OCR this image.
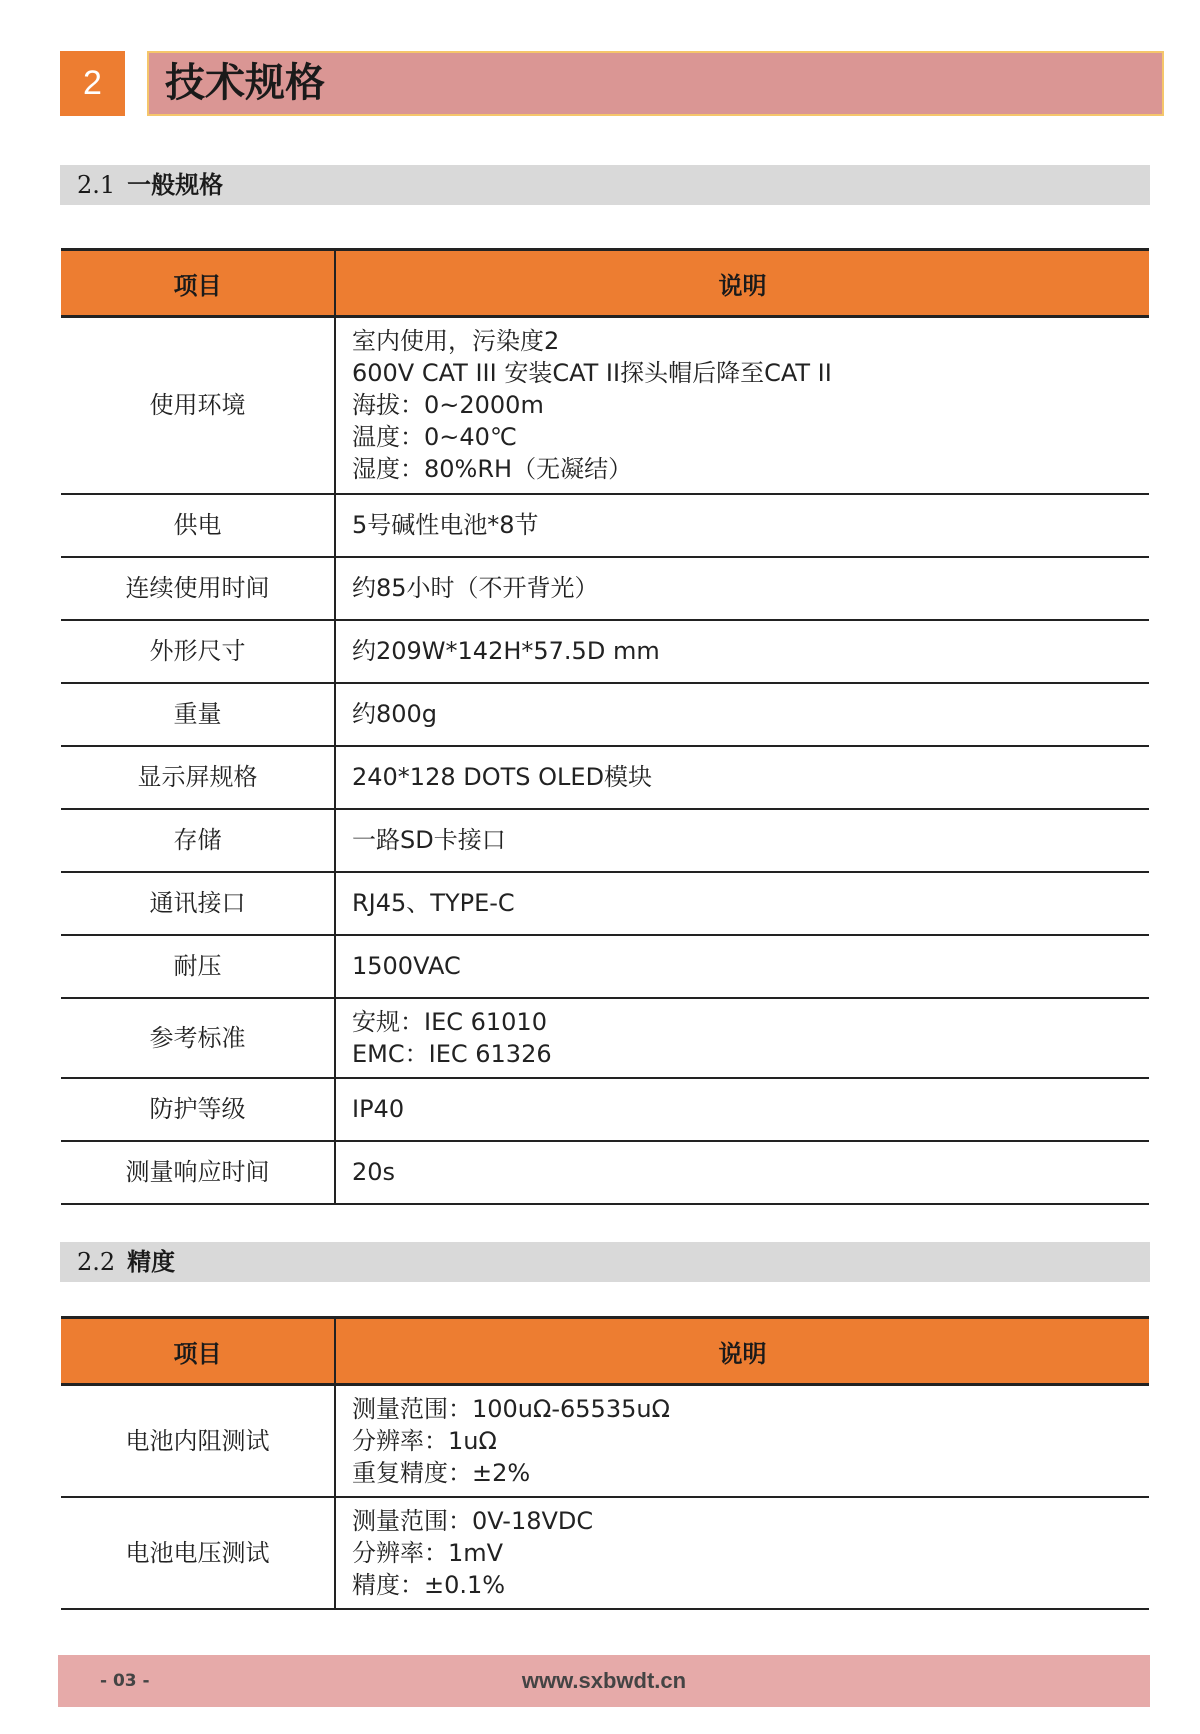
2	技术规格
2.1 一般规格
项目	说明
使用环境	室内使用，污染度2
600V CAT III 安装CAT II探头帽后降至CAT II
海拔：0~2000m
温度：0~40℃
湿度：80%RH（无凝结）

供电	5号碱性电池*8节

连续使用时间	约85小时（不开背光）

外形尺寸	约209W*142H*57.5D mm

重量	约800g

显示屏规格	240*128 DOTS OLED模块

存储	一路SD卡接口

通讯接口	RJ45、TYPE-C

耐压	1500VAC

参考标准	安规：IEC 61010
EMC：IEC 61326

防护等级	IP40

测量响应时间	20s
2.2 精度
项目	说明
电池内阻测试	测量范围：100uΩ-65535uΩ
分辨率：1uΩ
重复精度：±2%

电池电压测试	测量范围：0V-18VDC
分辨率：1mV
精度：±0.1%
- 03 -	www.sxbwdt.cn
